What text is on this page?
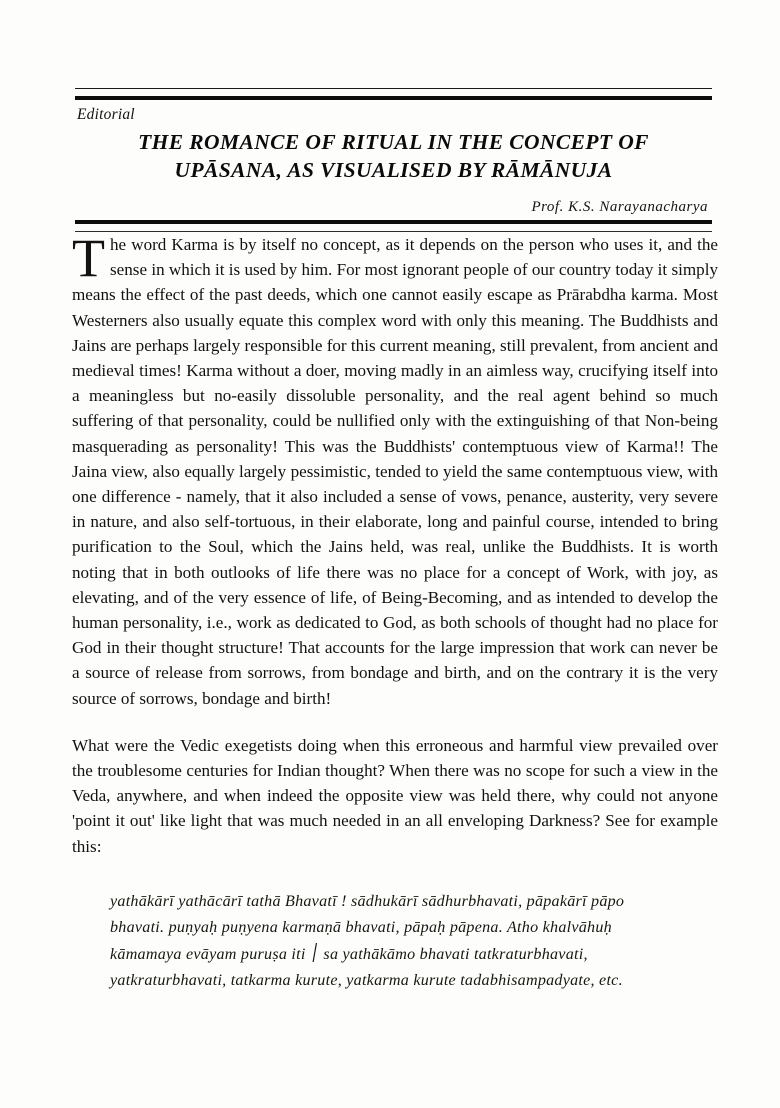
Editorial
THE ROMANCE OF RITUAL IN THE CONCEPT OF
UPĀSANA, AS VISUALISED BY RĀMĀNUJA
Prof. K.S. Narayanacharya

The word Karma is by itself no concept, as it depends on the person who uses it, and the sense in which it is used by him. For most ignorant people of our country today it simply means the effect of the past deeds, which one cannot easily escape as Prārabdha karma. Most Westerners also usually equate this complex word with only this meaning. The Buddhists and Jains are perhaps largely responsible for this current meaning, still prevalent, from ancient and medieval times! Karma without a doer, moving madly in an aimless way, crucifying itself into a meaningless but no-easily dissoluble personality, and the real agent behind so much suffering of that personality, could be nullified only with the extinguishing of that Non-being masquerading as personality! This was the Buddhists' contemptuous view of Karma!! The Jaina view, also equally largely pessimistic, tended to yield the same contemptuous view, with one difference - namely, that it also included a sense of vows, penance, austerity, very severe in nature, and also self-tortuous, in their elaborate, long and painful course, intended to bring purification to the Soul, which the Jains held, was real, unlike the Buddhists. It is worth noting that in both outlooks of life there was no place for a concept of Work, with joy, as elevating, and of the very essence of life, of Being-Becoming, and as intended to develop the human personality, i.e., work as dedicated to God, as both schools of thought had no place for God in their thought structure! That accounts for the large impression that work can never be a source of release from sorrows, from bondage and birth, and on the contrary it is the very source of sorrows, bondage and birth!

What were the Vedic exegetists doing when this erroneous and harmful view prevailed over the troublesome centuries for Indian thought? When there was no scope for such a view in the Veda, anywhere, and when indeed the opposite view was held there, why could not anyone 'point it out' like light that was much needed in an all enveloping Darkness? See for example this:

yathākārī yathācārī tathā Bhavatī ! sādhukārī sādhurbhavati, pāpakārī pāpo
bhavati. puṇyaḥ puṇyena karmaṇā bhavati, pāpaḥ pāpena. Atho khalvāhuḥ
kāmamaya evāyam puruṣa iti ׀ sa yathākāmo bhavati tatkraturbhavati,
yatkraturbhavati, tatkarma kurute, yatkarma kurute tadabhisampadyate, etc.
